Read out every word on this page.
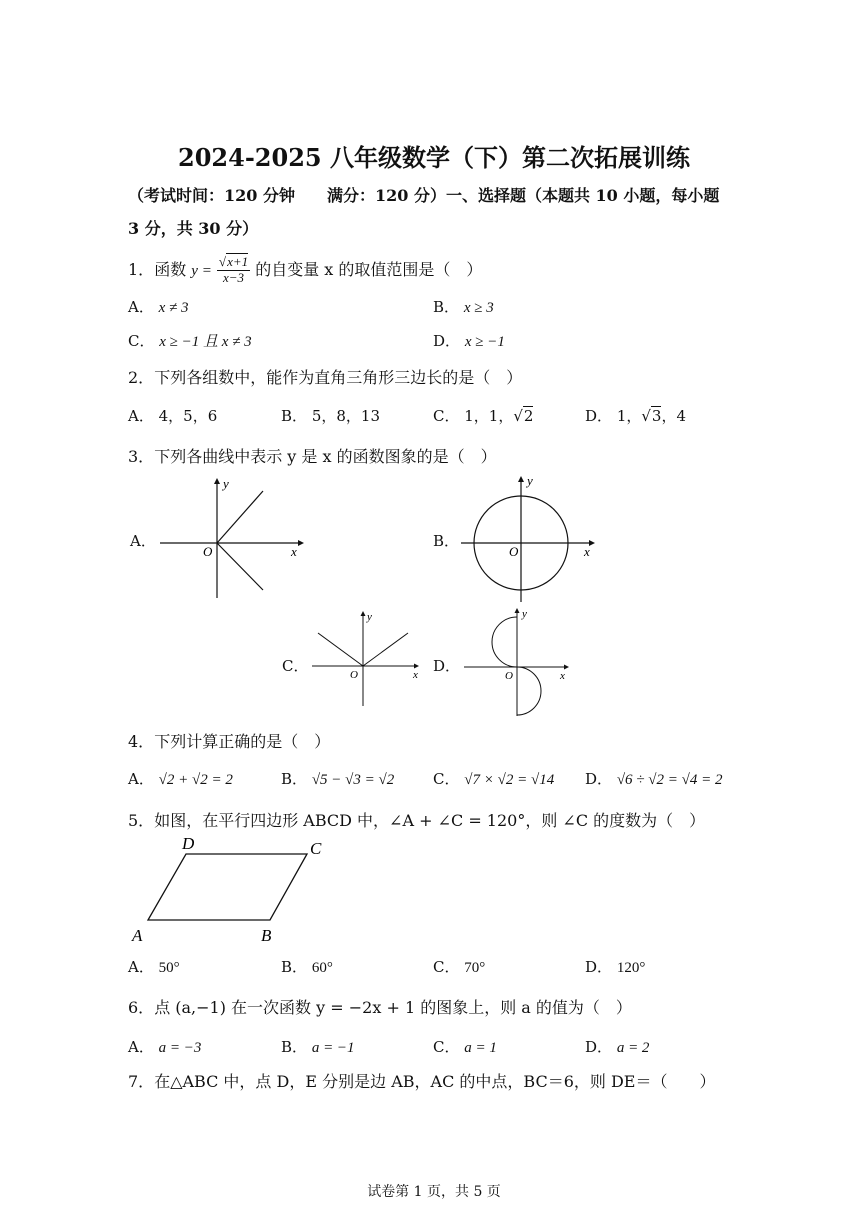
2024-2025 八年级数学（下）第二次拓展训练
（考试时间：120 分钟　　满分：120 分）一、选择题（本题共 10 小题，每小题
3 分，共 30 分）
1．函数 $y = \frac{√x+1}{x-3}$ 的自变量 x 的取值范围是（　）
A． x ≠ 3	B． x ≥ 3
C． x ≥ −1 且 x ≠ 3	D． x ≥ −1
2．下列各组数中，能作为直角三角形三边长的是（　）
A． 4，5，6	B． 5，8，13	C． 1，1，√2	D． 1，√3，4
3．下列各曲线中表示 y 是 x 的函数图象的是（　）
A．
O	x
y
B．
O	x
y
C．	O	x
y
D．
O	x
y
4．下列计算正确的是（　）
A． √2 + √2 = 2	B． √5 − √3 = √2	C． √7 × √2 = √14 D． √6 ÷ √2 = √4 = 2
5．如图，在平行四边形 ABCD 中，∠A + ∠C = 120°，则 ∠C 的度数为（　）
A	B
C
D
A． 50°	B． 60°	C． 70°	D． 120°
6．点 (a,−1) 在一次函数 y = −2x + 1 的图象上，则 a 的值为（　）
A． a = −3	B． a = −1	C． a = 1	D． a = 2
7．在△ABC 中，点 D，E 分别是边 AB，AC 的中点，BC＝6，则 DE＝（　　）
试卷第 1 页，共 5 页
